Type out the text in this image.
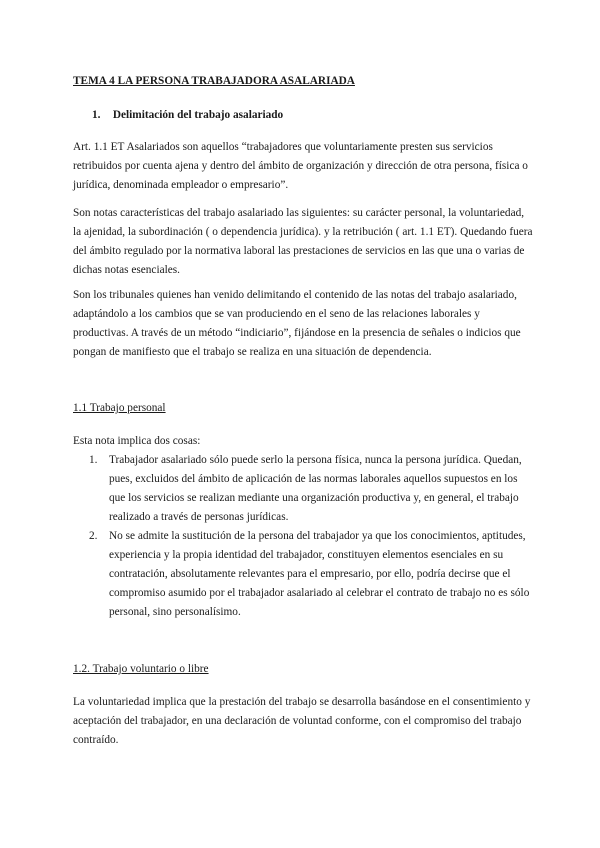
TEMA 4 LA PERSONA TRABAJADORA ASALARIADA
1. Delimitación del trabajo asalariado

Art. 1.1 ET Asalariados son aquellos “trabajadores que voluntariamente presten sus servicios retribuidos por cuenta ajena y dentro del ámbito de organización y dirección de otra persona, física o jurídica, denominada empleador o empresario”.

Son notas características del trabajo asalariado las siguientes: su carácter personal, la voluntariedad, la ajenidad, la subordinación ( o dependencia jurídica). y la retribución ( art. 1.1 ET). Quedando fuera del ámbito regulado por la normativa laboral las prestaciones de servicios en las que una o varias de dichas notas esenciales.

Son los tribunales quienes han venido delimitando el contenido de las notas del trabajo asalariado, adaptándolo a los cambios que se van produciendo en el seno de las relaciones laborales y productivas. A través de un método “indiciario”, fijándose en la presencia de señales o indicios que pongan de manifiesto que el trabajo se realiza en una situación de dependencia.

1.1 Trabajo personal
Esta nota implica dos cosas:
1. Trabajador asalariado sólo puede serlo la persona física, nunca la persona jurídica. Quedan, pues, excluidos del ámbito de aplicación de las normas laborales aquellos supuestos en los que los servicios se realizan mediante una organización productiva y, en general, el trabajo realizado a través de personas jurídicas.
2. No se admite la sustitución de la persona del trabajador ya que los conocimientos, aptitudes, experiencia y la propia identidad del trabajador, constituyen elementos esenciales en su contratación, absolutamente relevantes para el empresario, por ello, podría decirse que el compromiso asumido por el trabajador asalariado al celebrar el contrato de trabajo no es sólo personal, sino personalísimo.
1.2. Trabajo voluntario o libre

La voluntariedad implica que la prestación del trabajo se desarrolla basándose en el consentimiento y aceptación del trabajador, en una declaración de voluntad conforme, con el compromiso del trabajo contraído.
